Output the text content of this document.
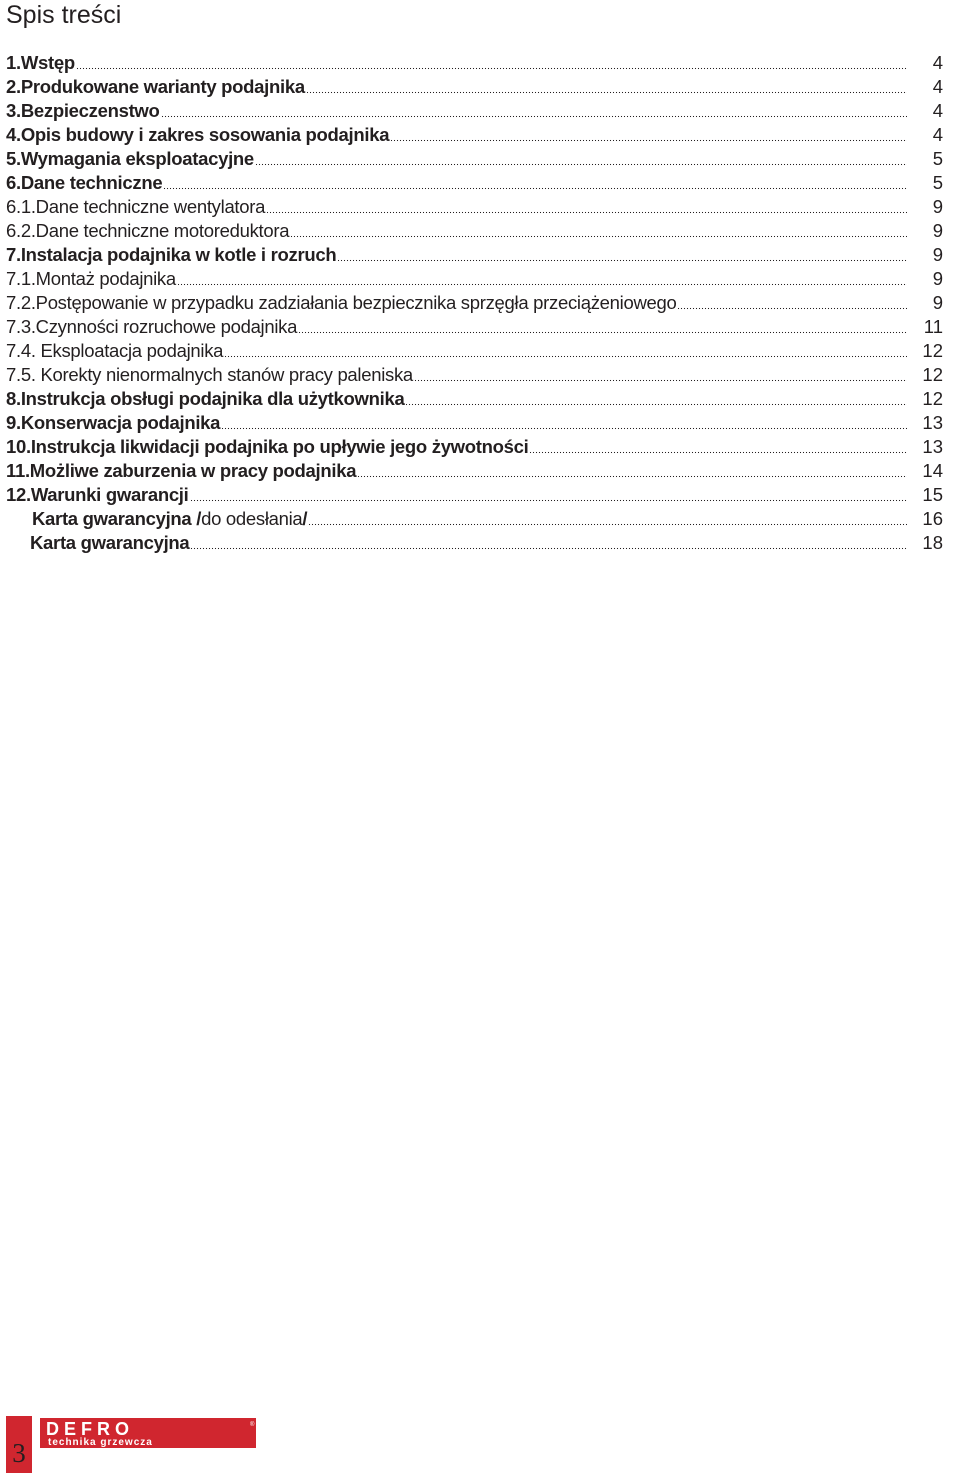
Spis treści
1.Wstęp	4
2.Produkowane warianty podajnika	4
3.Bezpieczenstwo	4
4.Opis budowy i zakres sosowania podajnika	4
5.Wymagania eksploatacyjne	5
6.Dane techniczne	5
6.1.Dane techniczne wentylatora	9
6.2.Dane techniczne motoreduktora	9
7.Instalacja podajnika w kotle i rozruch	9
7.1.Montaż podajnika	9
7.2.Postępowanie w przypadku zadziałania bezpiecznika sprzęgła przeciążeniowego	9
7.3.Czynności rozruchowe podajnika	11
7.4. Eksploatacja podajnika	12
7.5. Korekty nienormalnych stanów pracy paleniska	12
8.Instrukcja obsługi podajnika dla użytkownika	12
9.Konserwacja podajnika	13
10.Instrukcja likwidacji podajnika po upływie jego żywotności	13
11.Możliwe zaburzenia w pracy podajnika	14
12.Warunki gwarancji	15
Karta gwarancyjna /do odesłania/	16
Karta gwarancyjna	18
3
DEFRO	®
technika grzewcza
